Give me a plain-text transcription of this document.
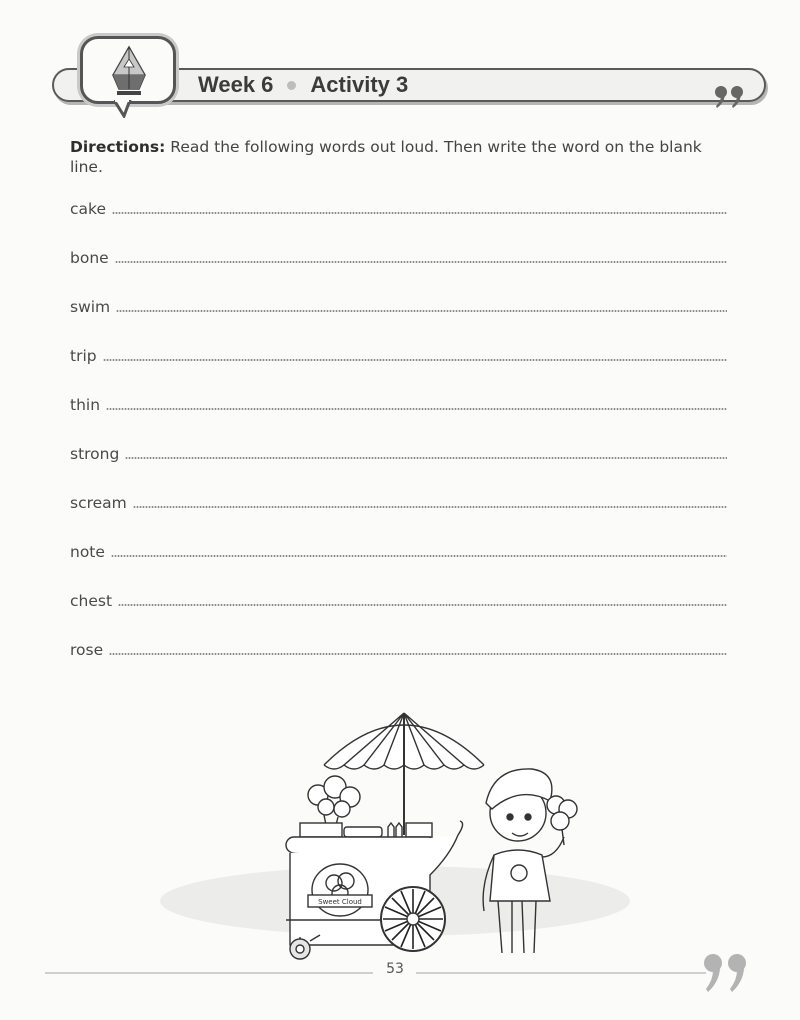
Week 6 Activity 3

Directions: Read the following words out loud. Then write the word on the blank line.

cake
bone
swim
trip
thin
strong
scream
note
chest
rose
Sweet Cloud
53
